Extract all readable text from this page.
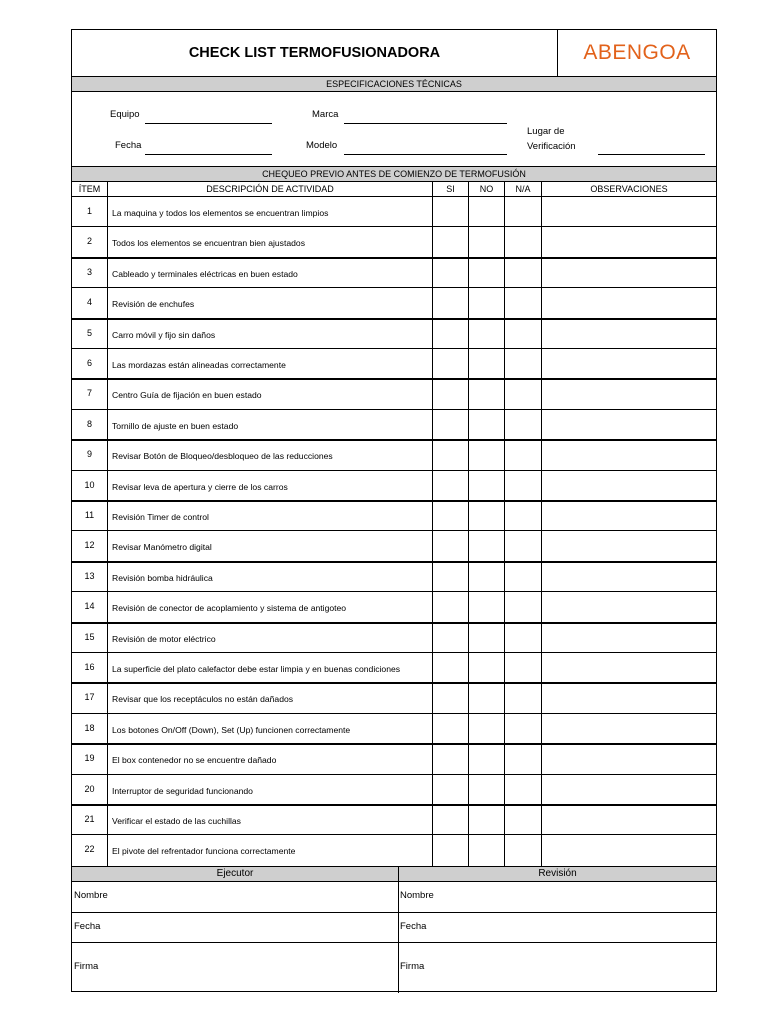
CHECK LIST TERMOFUSIONADORA	ABENGOA
ESPECIFICACIONES TÉCNICAS
Equipo	Marca
Lugar de
Verificación
Fecha	Modelo
CHEQUEO PREVIO ANTES DE COMIENZO DE TERMOFUSIÓN
ÍTEM	DESCRIPCIÓN DE ACTIVIDAD	SI	NO	N/A	OBSERVACIONES
1	La maquina y todos los elementos se encuentran limpios
2	Todos los elementos se encuentran bien ajustados
3	Cableado y terminales eléctricas en buen estado
4	Revisión de enchufes
5	Carro móvil y fijo sin daños
6	Las mordazas están alineadas correctamente
7	Centro Guía de fijación en buen estado
8	Tornillo de ajuste en buen estado
9	Revisar Botón de Bloqueo/desbloqueo de las reducciones
10	Revisar leva de apertura y cierre de los carros
11	Revisión Timer de control
12	Revisar Manómetro digital
13	Revisión bomba hidráulica
14	Revisión de conector de acoplamiento y sistema de antigoteo
15	Revisión de motor eléctrico
16	La superficie del plato calefactor debe estar limpia y en buenas condiciones
17	Revisar que los receptáculos no están dañados
18	Los botones On/Off (Down), Set (Up) funcionen correctamente
19	El box contenedor no se encuentre dañado
20	Interruptor de seguridad funcionando
21	Verificar el estado de las cuchillas
22	El pivote del refrentador funciona correctamente
Ejecutor	Revisión
Nombre	Nombre
Fecha	Fecha
Firma	Firma
